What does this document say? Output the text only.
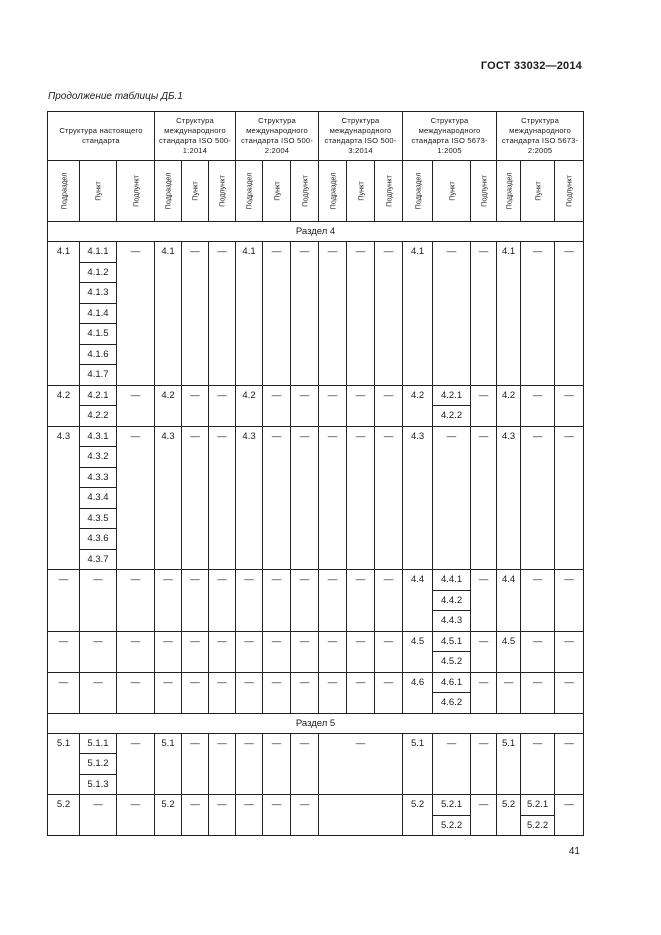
ГОСТ 33032—2014
Продолжение таблицы ДБ.1
Структура настоящего стандарта			Структура международного стандарта ISO 500-1:2014			Структура международного стандарта ISO 500-2:2004			Структура международного стандарта ISO 500-3:2014			Структура международного стандарта ISO 5673-1:2005			Структура международного стандарта ISO 5673-2:2005		

Подраздел	Пункт	Подпункт	Подраздел	Пункт	Подпункт	Подраздел	Пункт	Подпункт	Подраздел	Пункт	Подпункт	Подраздел	Пункт	Подпункт	Подраздел	Пункт	Подпункт

Раздел 4																	
4.1	4.1.1	—	4.1	—	—	4.1	—	—	—	—	—	4.1	—	—	4.1	—	—
	4.1.2																
	4.1.3																
	4.1.4																
	4.1.5																
	4.1.6																
	4.1.7																
4.2	4.2.1	—	4.2	—	—	4.2	—	—	—	—	—	4.2	4.2.1	—	4.2	—	—
	4.2.2												4.2.2				
4.3	4.3.1	—	4.3	—	—	4.3	—	—	—	—	—	4.3	—	—	4.3	—	—
	4.3.2																
	4.3.3																
	4.3.4																
	4.3.5																
	4.3.6																
	4.3.7																
—	—	—	—	—	—	—	—	—	—	—	—	4.4	4.4.1	—	4.4	—	—
													4.4.2				
													4.4.3				
—	—	—	—	—	—	—	—	—	—	—	—	4.5	4.5.1	—	4.5	—	—
													4.5.2				
—	—	—	—	—	—	—	—	—	—	—	—	4.6	4.6.1	—	—	—	—
													4.6.2				
Раздел 5																	
5.1	5.1.1	—	5.1	—	—	—	—	—	—			5.1	—	—	5.1	—	—
	5.1.2																
	5.1.3																
5.2	—	—	5.2	—	—	—	—	—				5.2	5.2.1	—	5.2	5.2.1	—
													5.2.2			5.2.2	
41
